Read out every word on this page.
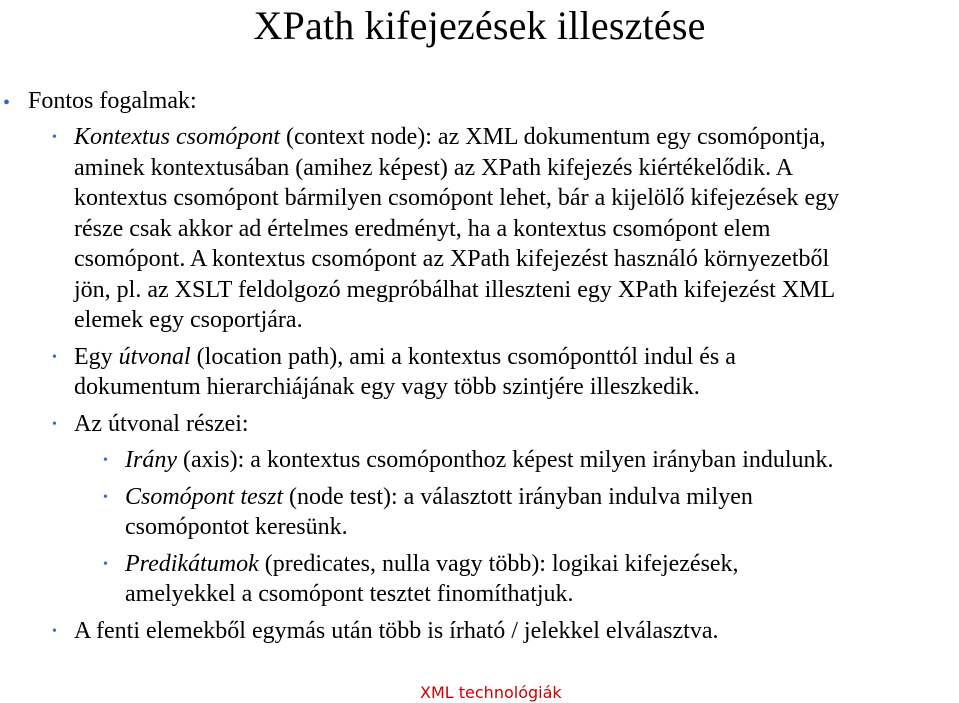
XPath kifejezések illesztése
• Fontos fogalmak:
• Kontextus csomópont (context node): az XML dokumentum egy csomópontja,
aminek kontextusában (amihez képest) az XPath kifejezés kiértékelődik. A
kontextus csomópont bármilyen csomópont lehet, bár a kijelölő kifejezések egy
része csak akkor ad értelmes eredményt, ha a kontextus csomópont elem
csomópont. A kontextus csomópont az XPath kifejezést használó környezetből
jön, pl. az XSLT feldolgozó megpróbálhat illeszteni egy XPath kifejezést XML
elemek egy csoportjára.
• Egy útvonal (location path), ami a kontextus csomóponttól indul és a
dokumentum hierarchiájának egy vagy több szintjére illeszkedik.
• Az útvonal részei:
• Irány (axis): a kontextus csomóponthoz képest milyen irányban indulunk.
• Csomópont teszt (node test): a választott irányban indulva milyen
csomópontot keresünk.
• Predikátumok (predicates, nulla vagy több): logikai kifejezések,
amelyekkel a csomópont tesztet finomíthatjuk.
• A fenti elemekből egymás után több is írható / jelekkel elválasztva.
XML technológiák
